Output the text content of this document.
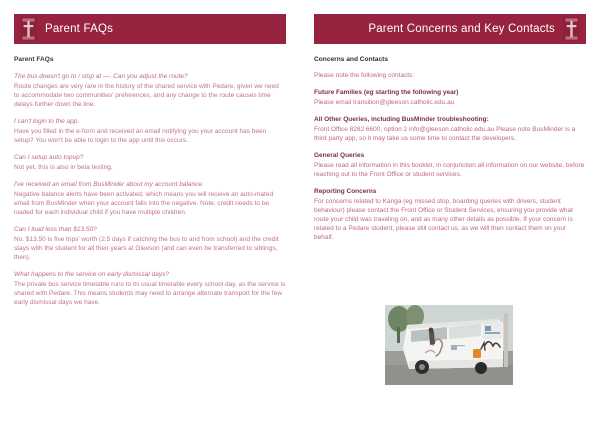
Parent FAQs

Parent FAQs

The bus doesn't go to / stop at —. Can you adjust the route?

Route changes are very rare in the history of the shared service with Pedare, given we need to accommodate two communities' preferences, and any change to the route causes time delays further down the line.

I can't login to the app.

Have you filled in the e-form and received an email notifying you your account has been setup? You won't be able to login to the app until this occurs.

Can I setup auto topup?

Not yet, this is also in beta testing.

I've received an email from BusMinder about my account balance.

Negative balance alerts have been activated, which means you will receive an auto-mated email from BusMinder when your account falls into the negative. Note, credit needs to be loaded for each individual child if you have multiple children.

Can I load less than $13.50?

No. $13.50 is five trips' worth (2.5 days if catching the bus to and from school) and the credit stays with the student for all their years at Gleeson (and can even be transferred to siblings, then).

What happens to the service on early dismissal days?

The private bus service timetable runs to its usual timetable every school day, as the service is shared with Pedare. This means students may need to arrange alternate transport for the few early dismissal days we have.

Parent Concerns and Key Contacts

Concerns and Contacts

Please note the following contacts:

Future Families (eg starting the following year)

Please email transition@gleeson.catholic.edu.au

All Other Queries, including BusMinder troubleshooting:

Front Office 8282 6600, option 2 info@gleeson.catholic.edu.au Please note BusMinder is a third party app, so it may take us some time to contact the developers.

General Queries

Please read all information in this booklet, in conjunction all information on our website, before reaching out to the Front Office or student services.

Reporting Concerns

For concerns related to Kanga (eg missed stop, boarding queries with drivers, student behaviour) please contact the Front Office or Student Services, ensuring you provide what route your child was traveling on, and as many other details as possible. If your concern is related to a Pedare student, please still contact us, as we will then contact them on your behalf.
